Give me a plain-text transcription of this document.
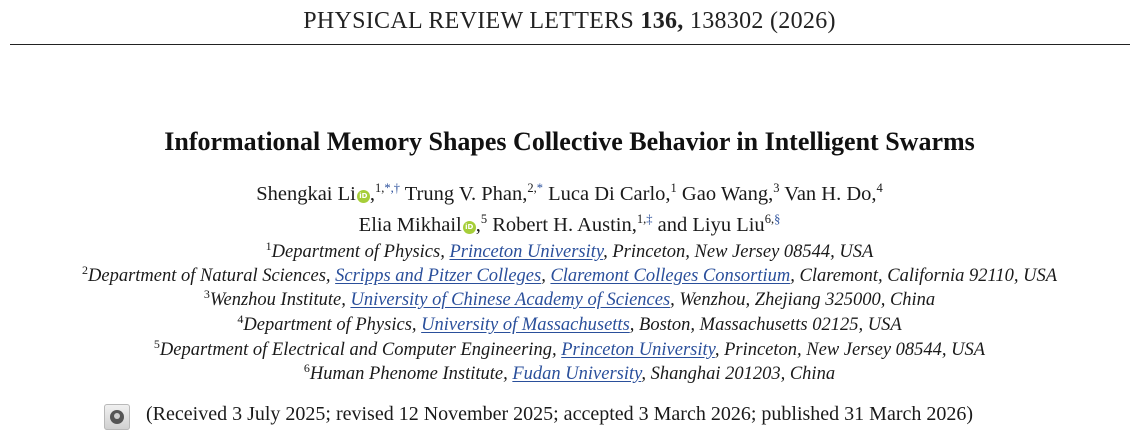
PHYSICAL REVIEW LETTERS 136, 138302 (2026)
Informational Memory Shapes Collective Behavior in Intelligent Swarms
Shengkai Li iD ,$^{1,*,\dagger}$ Trung V. Phan,$^{2,*}$ Luca Di Carlo,$^1$ Gao Wang,$^3$ Van H. Do,$^4$
Elia Mikhail iD ,$^5$ Robert H. Austin,$^{1,\ddagger}$ and Liyu Liu$^{6,\S}$
$^1$Department of Physics, Princeton University, Princeton, New Jersey 08544, USA
$^2$Department of Natural Sciences, Scripps and Pitzer Colleges, Claremont Colleges Consortium, Claremont, California 92110, USA
$^3$Wenzhou Institute, University of Chinese Academy of Sciences, Wenzhou, Zhejiang 325000, China
$^4$Department of Physics, University of Massachusetts, Boston, Massachusetts 02125, USA
$^5$Department of Electrical and Computer Engineering, Princeton University, Princeton, New Jersey 08544, USA
$^6$Human Phenome Institute, Fudan University, Shanghai 201203, China
(Received 3 July 2025; revised 12 November 2025; accepted 3 March 2026; published 31 March 2026)
